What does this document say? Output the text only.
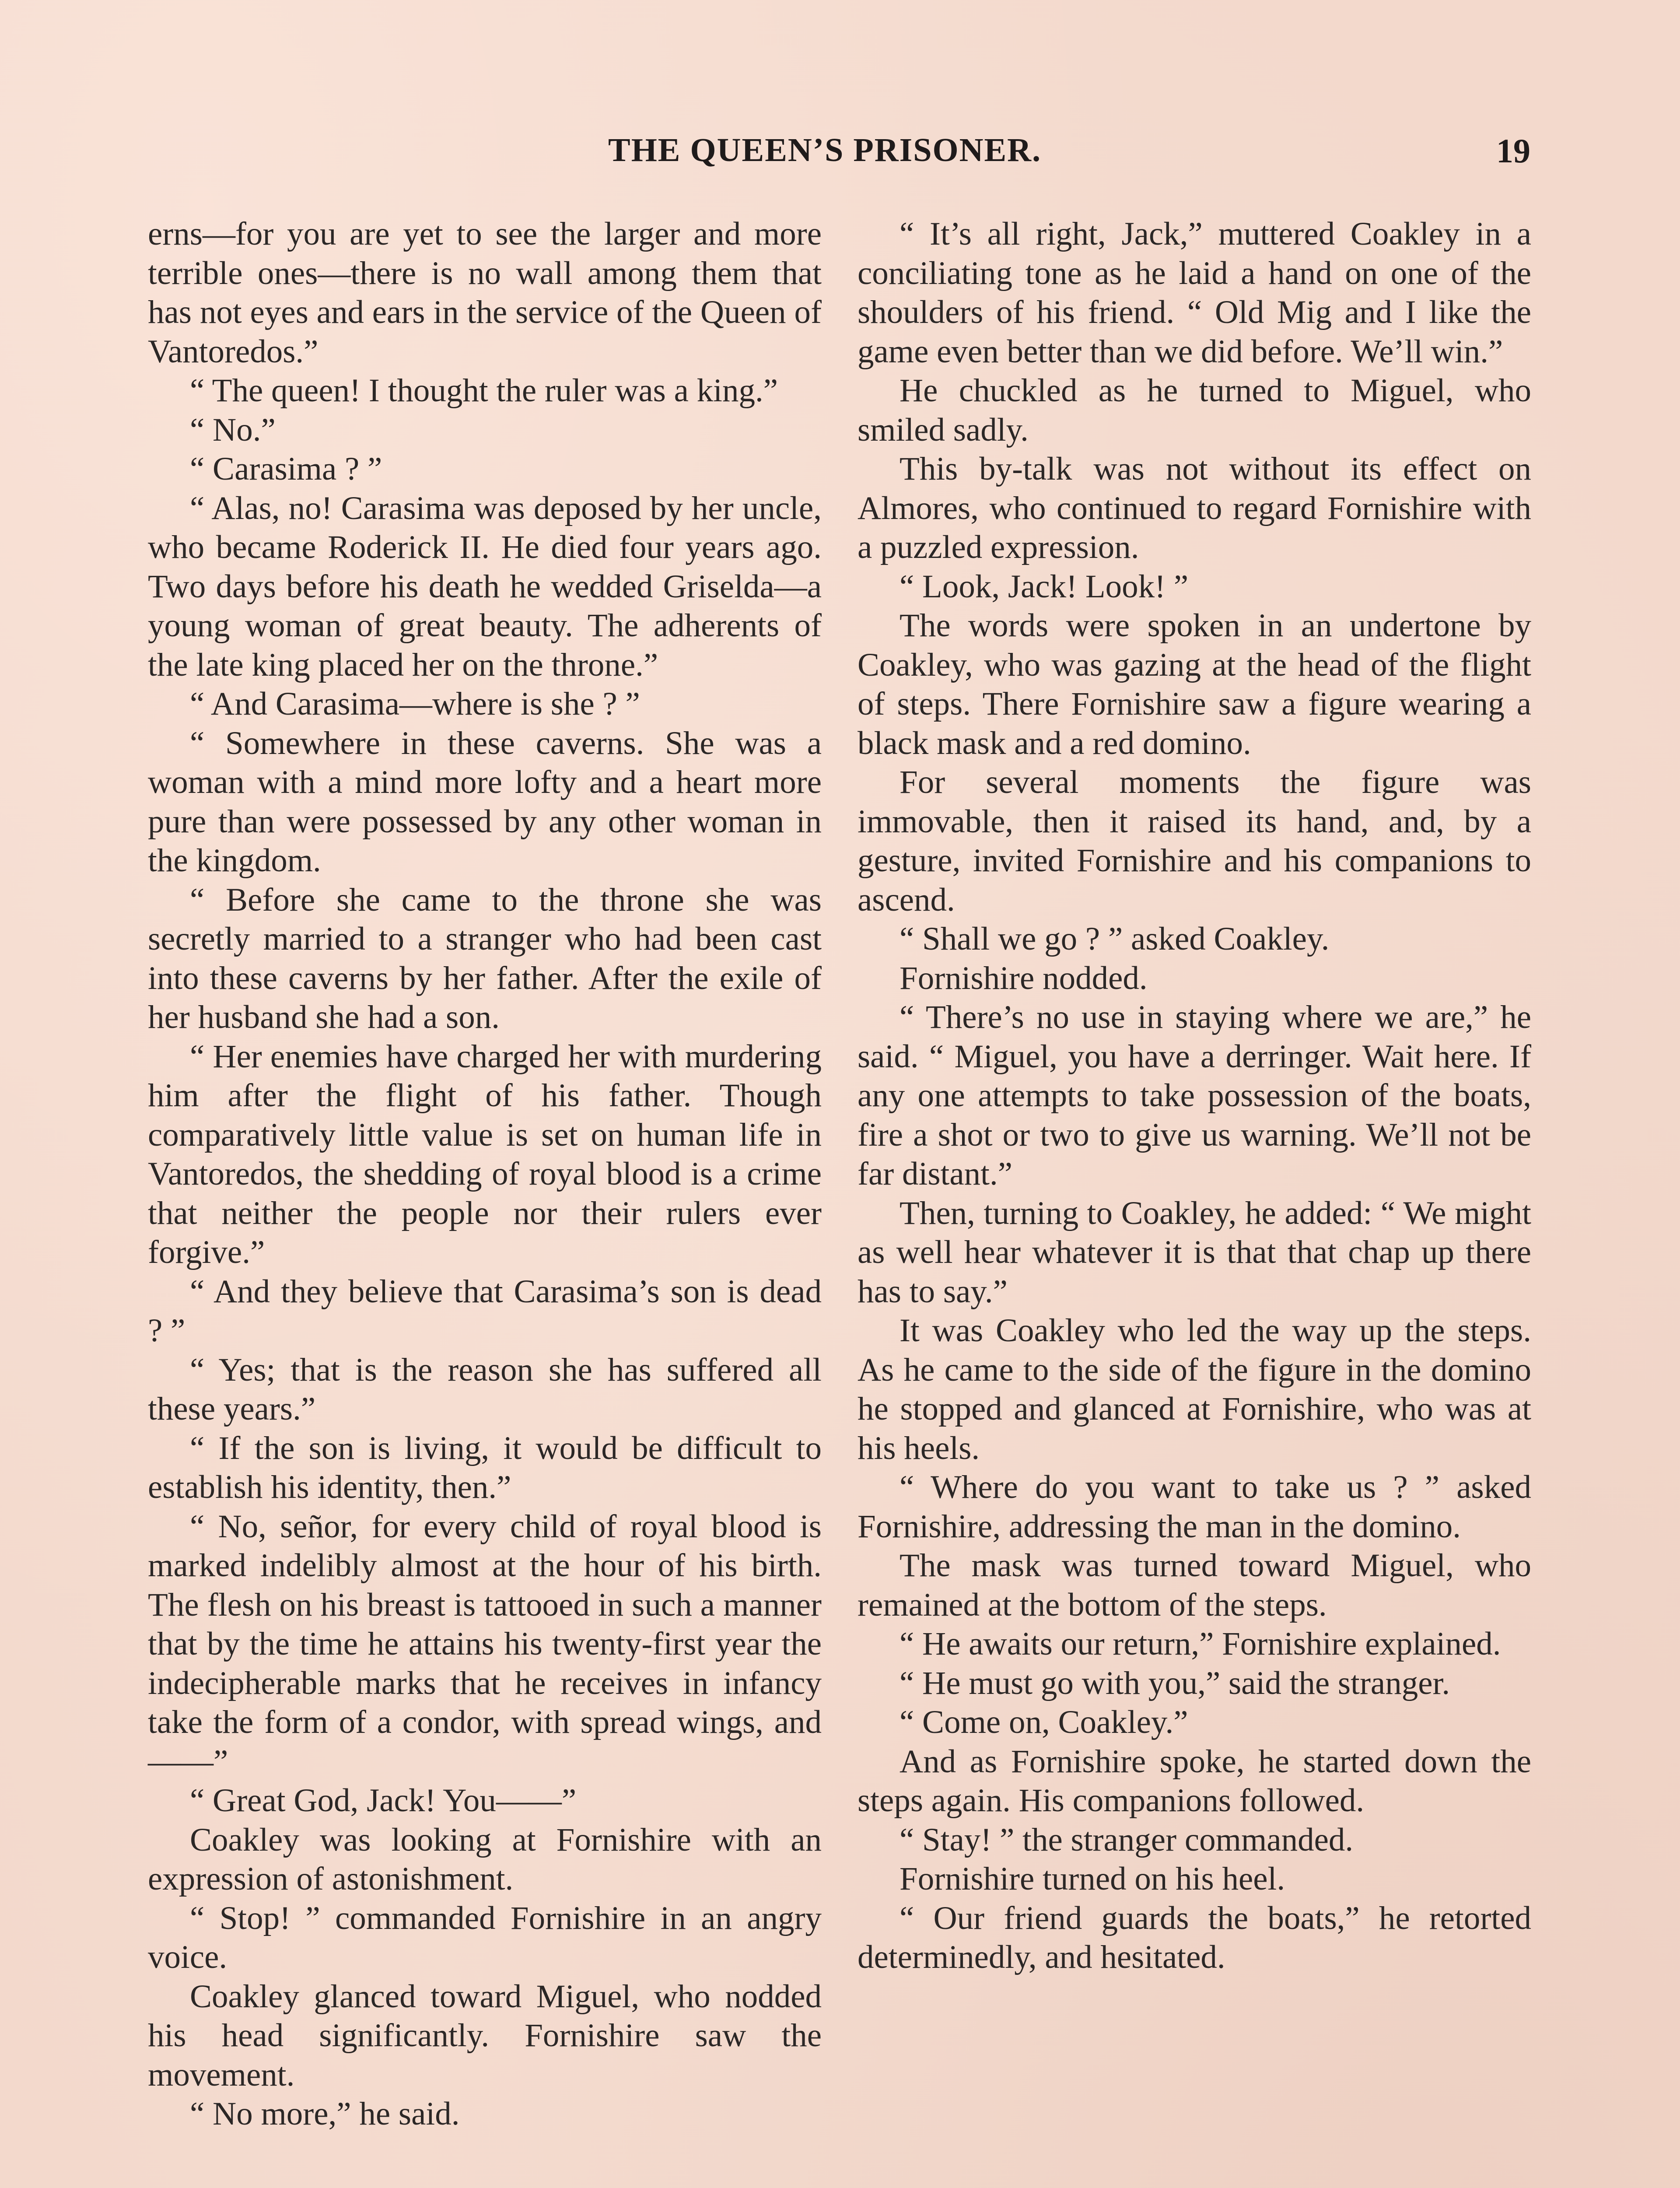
THE QUEEN’S PRISONER.	19

erns—for you are yet to see the larger and more terrible ones—there is no wall among them that has not eyes and ears in the service of the Queen of Vantoredos.”

“ The queen! I thought the ruler was a king.”

“ No.”

“ Carasima ? ”

“ Alas, no! Carasima was deposed by her uncle, who became Roderick II. He died four years ago. Two days before his death he wedded Griselda—a young woman of great beauty. The adherents of the late king placed her on the throne.”

“ And Carasima—where is she ? ”

“ Somewhere in these caverns. She was a woman with a mind more lofty and a heart more pure than were possessed by any other woman in the kingdom.

“ Before she came to the throne she was secretly married to a stranger who had been cast into these caverns by her father. After the exile of her husband she had a son.

“ Her enemies have charged her with murdering him after the flight of his father. Though comparatively little value is set on human life in Vantoredos, the shedding of royal blood is a crime that neither the people nor their rulers ever forgive.”

“ And they believe that Carasima’s son is dead ? ”

“ Yes; that is the reason she has suffered all these years.”

“ If the son is living, it would be difficult to establish his identity, then.”

“ No, señor, for every child of royal blood is marked indelibly almost at the hour of his birth. The flesh on his breast is tattooed in such a manner that by the time he attains his twenty-first year the indecipherable marks that he receives in infancy take the form of a condor, with spread wings, and——”

“ Great God, Jack! You——”

Coakley was looking at Fornishire with an expression of astonishment.

“ Stop! ” commanded Fornishire in an angry voice.

Coakley glanced toward Miguel, who nodded his head significantly. Fornishire saw the movement.

“ No more,” he said.

“ It’s all right, Jack,” muttered Coakley in a conciliating tone as he laid a hand on one of the shoulders of his friend. “ Old Mig and I like the game even better than we did before. We’ll win.”

He chuckled as he turned to Miguel, who smiled sadly.

This by-talk was not without its effect on Almores, who continued to regard Fornishire with a puzzled expression.

“ Look, Jack! Look! ”

The words were spoken in an undertone by Coakley, who was gazing at the head of the flight of steps. There Fornishire saw a figure wearing a black mask and a red domino.

For several moments the figure was immovable, then it raised its hand, and, by a gesture, invited Fornishire and his companions to ascend.

“ Shall we go ? ” asked Coakley.

Fornishire nodded.

“ There’s no use in staying where we are,” he said. “ Miguel, you have a derringer. Wait here. If any one attempts to take possession of the boats, fire a shot or two to give us warning. We’ll not be far distant.”

Then, turning to Coakley, he added: “ We might as well hear whatever it is that that chap up there has to say.”

It was Coakley who led the way up the steps. As he came to the side of the figure in the domino he stopped and glanced at Fornishire, who was at his heels.

“ Where do you want to take us ? ” asked Fornishire, addressing the man in the domino.

The mask was turned toward Miguel, who remained at the bottom of the steps.

“ He awaits our return,” Fornishire explained.

“ He must go with you,” said the stranger.

“ Come on, Coakley.”

And as Fornishire spoke, he started down the steps again. His companions followed.

“ Stay! ” the stranger commanded.

Fornishire turned on his heel.

“ Our friend guards the boats,” he retorted determinedly, and hesitated.
